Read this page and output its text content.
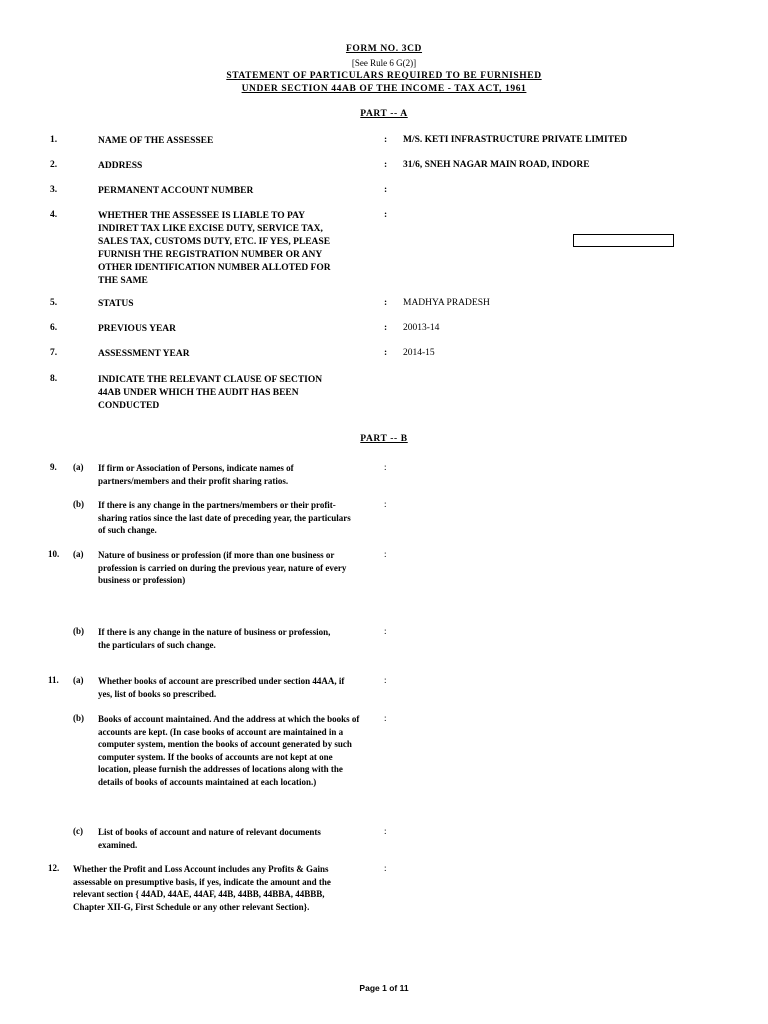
FORM NO. 3CD
[See Rule 6 G(2)]
STATEMENT OF PARTICULARS REQUIRED TO BE FURNISHED
UNDER SECTION 44AB OF THE INCOME - TAX ACT, 1961
PART -- A
1.	NAME OF THE ASSESSEE	: M/S. KETI INFRASTRUCTURE PRIVATE LIMITED
2.	ADDRESS	: 31/6, SNEH NAGAR MAIN ROAD, INDORE
3.	PERMANENT ACCOUNT NUMBER	:
4.	WHETHER THE ASSESSEE IS LIABLE TO PAY INDIRET TAX LIKE EXCISE DUTY, SERVICE TAX, SALES TAX, CUSTOMS DUTY, ETC. IF YES, PLEASE FURNISH THE REGISTRATION NUMBER OR ANY OTHER IDENTIFICATION NUMBER ALLOTED FOR THE SAME
:
5.	STATUS	: MADHYA PRADESH
6.	PREVIOUS YEAR	: 20013-14
7.	ASSESSMENT YEAR	: 2014-15
8.	INDICATE THE RELEVANT CLAUSE OF SECTION 44AB UNDER WHICH THE AUDIT HAS BEEN CONDUCTED
PART -- B
9. (a) If firm or Association of Persons, indicate names of partners/members and their profit sharing ratios.
:
(b) If there is any change in the partners/members or their profit-sharing ratios since the last date of preceding year, the particulars of such change.
:
10. (a) Nature of business or profession (if more than one business or profession is carried on during the previous year, nature of every business or profession)
:
(b) If there is any change in the nature of business or profession, the particulars of such change.
:
11. (a) Whether books of account are prescribed under section 44AA, if yes, list of books so prescribed.
:
(b) Books of account maintained. And the address at which the books of accounts are kept. (In case books of account are maintained in a computer system, mention the books of account generated by such computer system. If the books of accounts are not kept at one location, please furnish the addresses of locations along with the details of books of accounts maintained at each location.)
:
(c) List of books of account and nature of relevant documents examined.
:
12. Whether the Profit and Loss Account includes any Profits & Gains assessable on presumptive basis, if yes, indicate the amount and the relevant section { 44AD, 44AE, 44AF, 44B, 44BB, 44BBA, 44BBB, Chapter XII-G, First Schedule or any other relevant Section}.
:
Page 1 of 11
